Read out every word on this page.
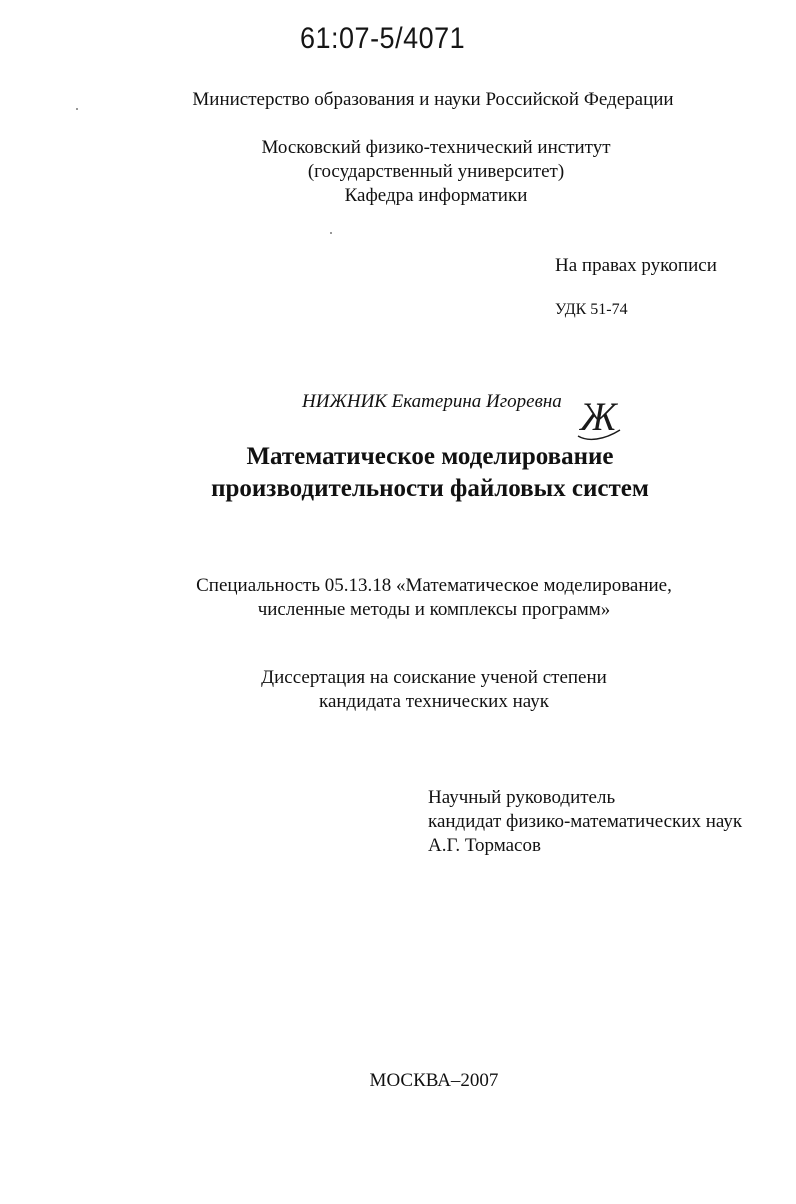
61:07-5/4071
Министерство образования и науки Российской Федерации
Московский физико-технический институт
(государственный университет)
Кафедра информатики
На правах рукописи
УДК 51-74
НИЖНИК Екатерина Игоревна Ж
Математическое моделирование
производительности файловых систем
Специальность 05.13.18 «Математическое моделирование,
численные методы и комплексы программ»
Диссертация на соискание ученой степени
кандидата технических наук
Научный руководитель
кандидат физико-математических наук
А.Г. Тормасов
МОСКВА–2007
